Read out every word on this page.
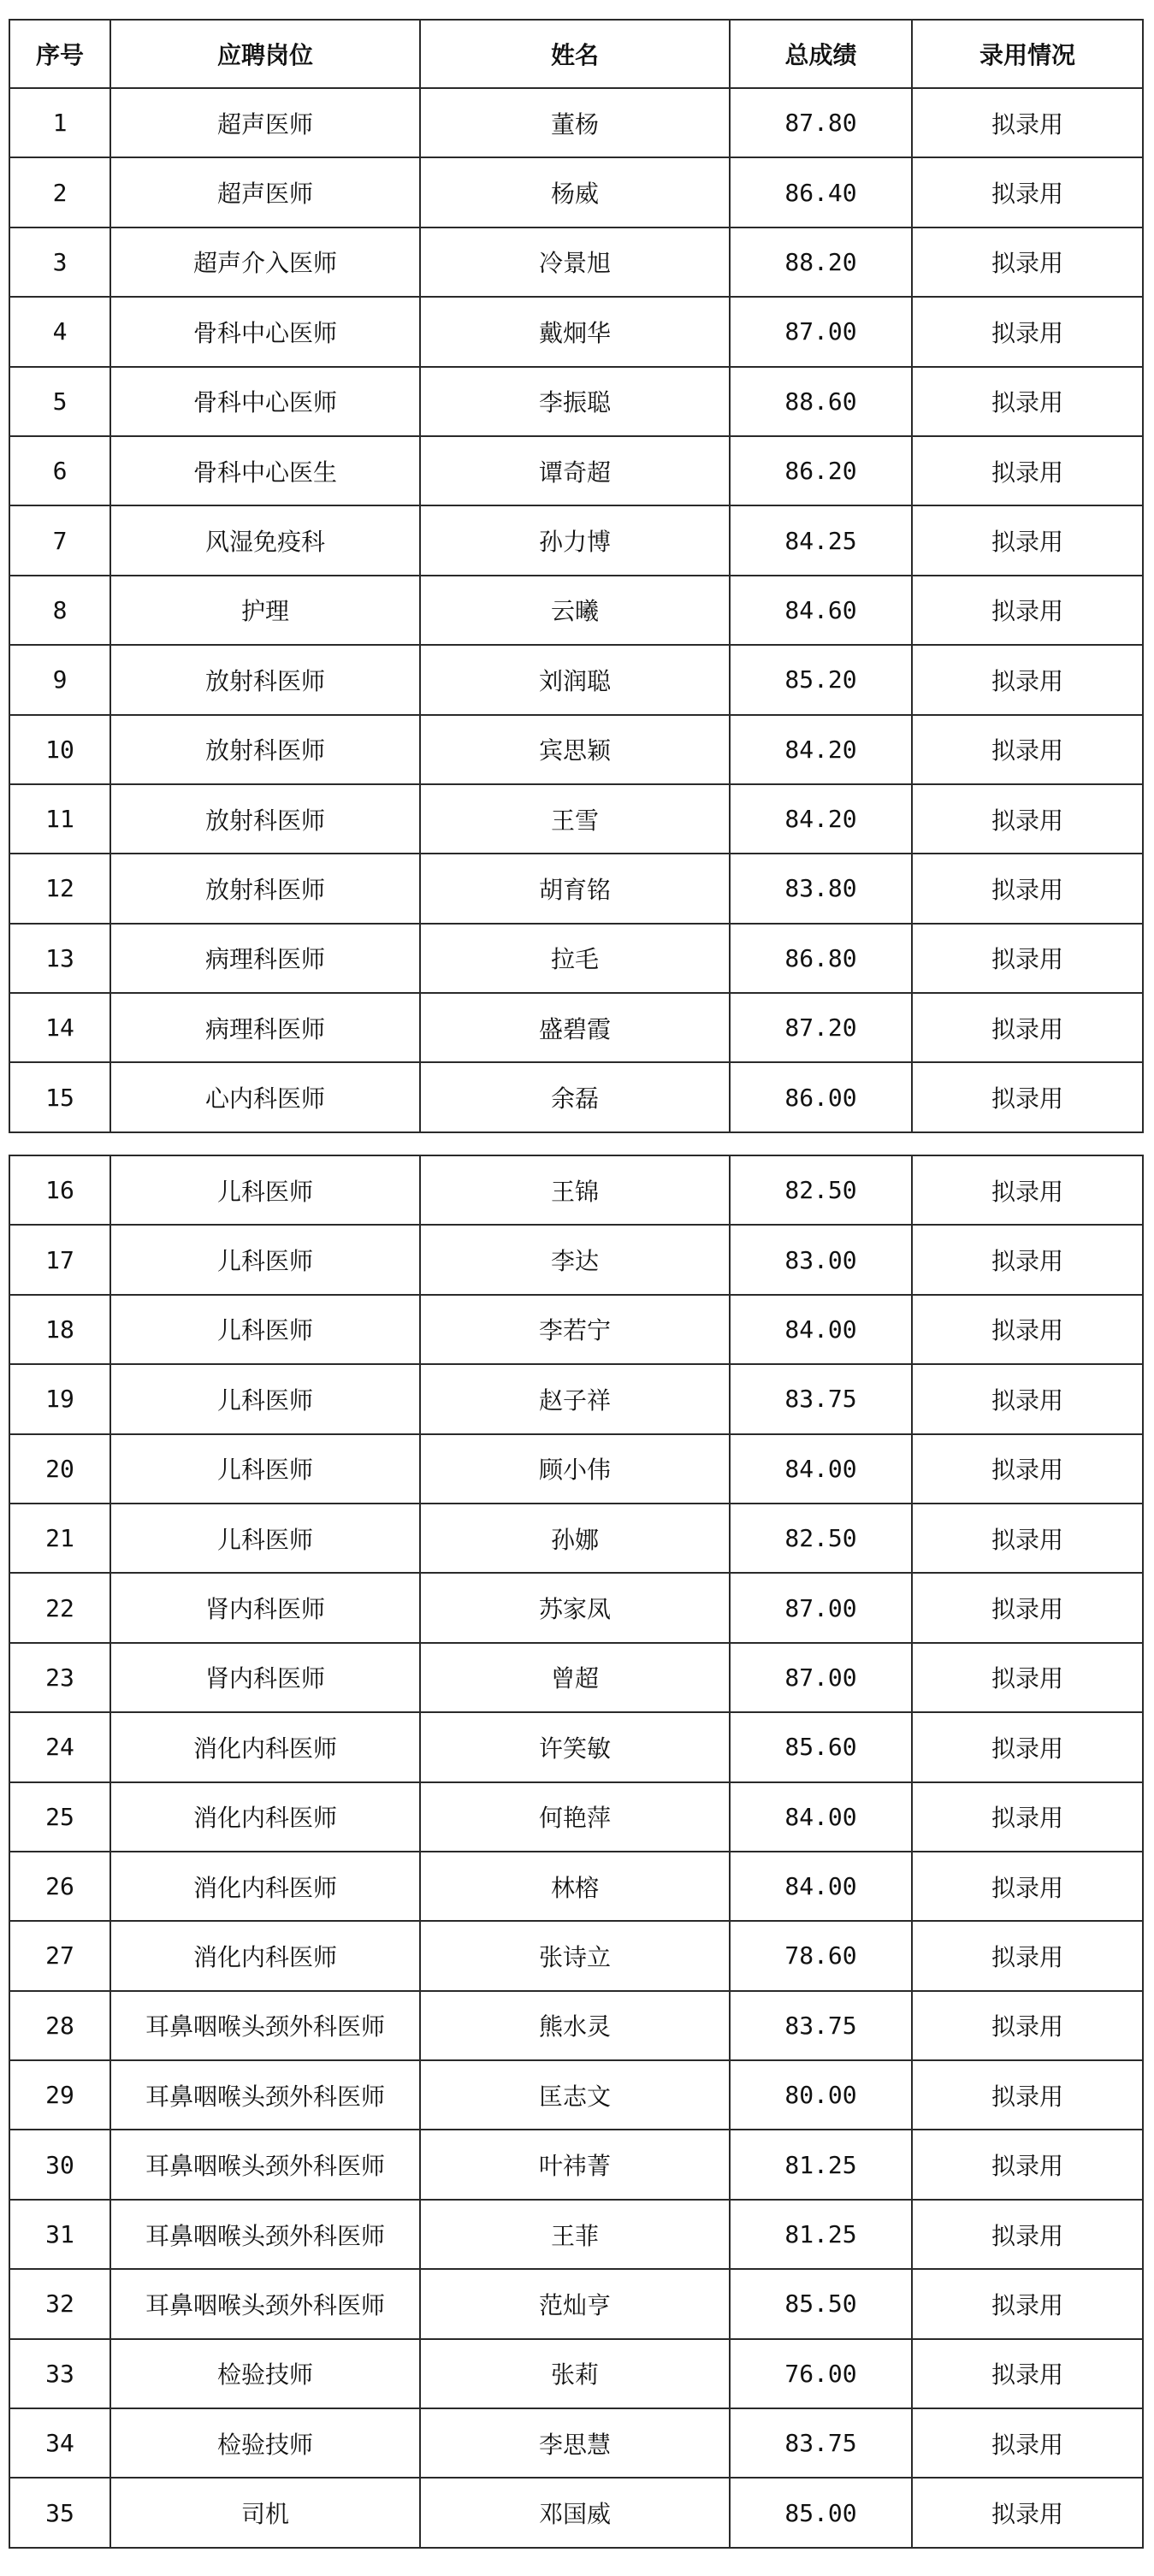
序号	应聘岗位	姓名	总成绩	录用情况
1	超声医师	董杨	87.80	拟录用
2	超声医师	杨威	86.40	拟录用
3	超声介入医师	冷景旭	88.20	拟录用
4	骨科中心医师	戴炯华	87.00	拟录用
5	骨科中心医师	李振聪	88.60	拟录用
6	骨科中心医生	谭奇超	86.20	拟录用
7	风湿免疫科	孙力博	84.25	拟录用
8	护理	云曦	84.60	拟录用
9	放射科医师	刘润聪	85.20	拟录用
10	放射科医师	宾思颖	84.20	拟录用
11	放射科医师	王雪	84.20	拟录用
12	放射科医师	胡育铭	83.80	拟录用
13	病理科医师	拉毛	86.80	拟录用
14	病理科医师	盛碧霞	87.20	拟录用
15	心内科医师	余磊	86.00	拟录用
16	儿科医师	王锦	82.50	拟录用
17	儿科医师	李达	83.00	拟录用
18	儿科医师	李若宁	84.00	拟录用
19	儿科医师	赵子祥	83.75	拟录用
20	儿科医师	顾小伟	84.00	拟录用
21	儿科医师	孙娜	82.50	拟录用
22	肾内科医师	苏家凤	87.00	拟录用
23	肾内科医师	曾超	87.00	拟录用
24	消化内科医师	许笑敏	85.60	拟录用
25	消化内科医师	何艳萍	84.00	拟录用
26	消化内科医师	林榕	84.00	拟录用
27	消化内科医师	张诗立	78.60	拟录用
28	耳鼻咽喉头颈外科医师	熊水灵	83.75	拟录用
29	耳鼻咽喉头颈外科医师	匡志文	80.00	拟录用
30	耳鼻咽喉头颈外科医师	叶祎菁	81.25	拟录用
31	耳鼻咽喉头颈外科医师	王菲	81.25	拟录用
32	耳鼻咽喉头颈外科医师	范灿亨	85.50	拟录用
33	检验技师	张莉	76.00	拟录用
34	检验技师	李思慧	83.75	拟录用
35	司机	邓国威	85.00	拟录用
